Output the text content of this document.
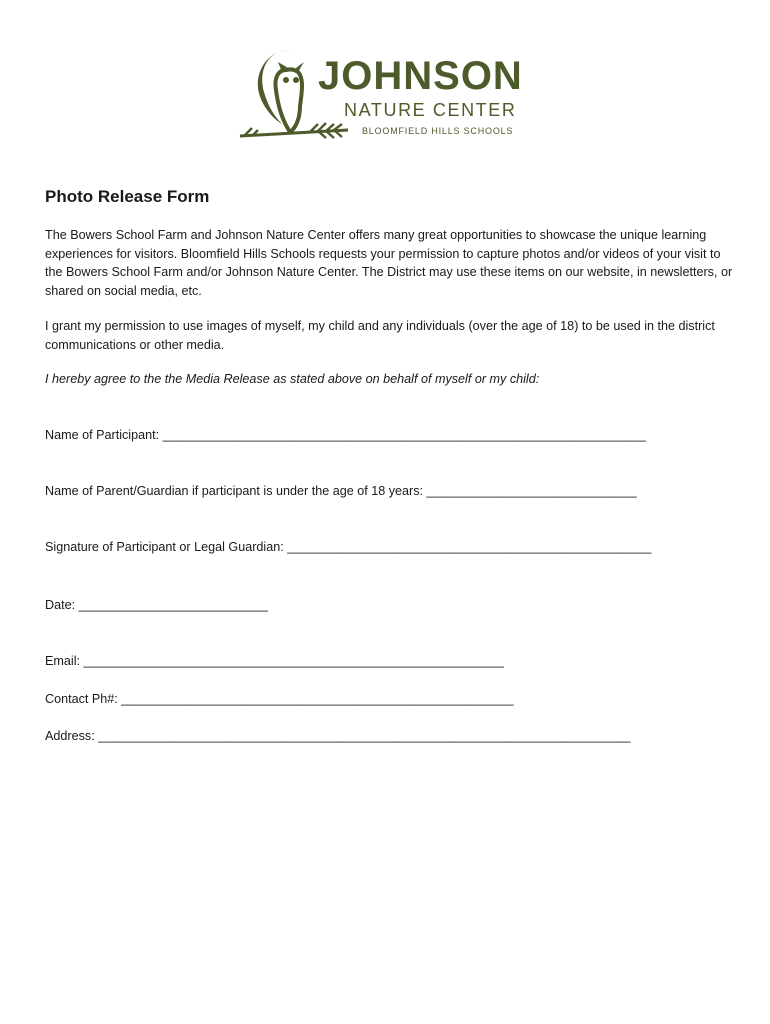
JOHNSON
NATURE CENTER
BLOOMFIELD HILLS SCHOOLS
Photo Release Form

The Bowers School Farm and Johnson Nature Center offers many great opportunities to showcase the unique learning experiences for visitors. Bloomfield Hills Schools requests your permission to capture photos and/or videos of your visit to the Bowers School Farm and/or Johnson Nature Center. The District may use these items on our website, in newsletters, or shared on social media, etc.

I grant my permission to use images of myself, my child and any individuals (over the age of 18) to be used in the district communications or other media.

I hereby agree to the the Media Release as stated above on behalf of myself or my child:

Name of Participant: _____________________________________________________________________
Name of Parent/Guardian if participant is under the age of 18 years: ______________________________
Signature of Participant or Legal Guardian: ____________________________________________________
Date: ___________________________
Email: ____________________________________________________________
Contact Ph#: ________________________________________________________
Address: ____________________________________________________________________________
